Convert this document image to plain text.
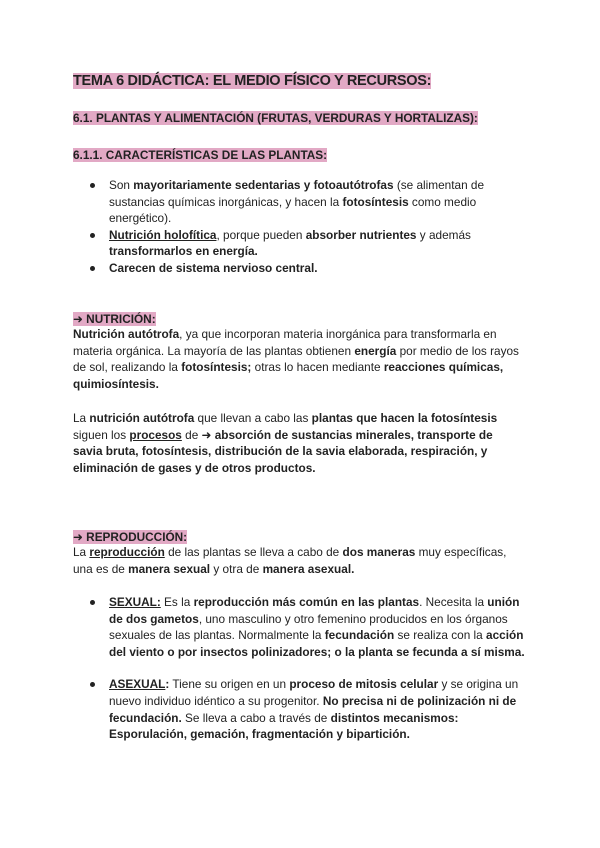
TEMA 6 DIDÁCTICA: EL MEDIO FÍSICO Y RECURSOS:
6.1. PLANTAS Y ALIMENTACIÓN (FRUTAS, VERDURAS Y HORTALIZAS):
6.1.1. CARACTERÍSTICAS DE LAS PLANTAS:
Son mayoritariamente sedentarias y fotoautótrofas (se alimentan de sustancias químicas inorgánicas, y hacen la fotosíntesis como medio energético).
Nutrición holofítica, porque pueden absorber nutrientes y además transformarlos en energía.
Carecen de sistema nervioso central.
➜ NUTRICIÓN:
Nutrición autótrofa, ya que incorporan materia inorgánica para transformarla en materia orgánica. La mayoría de las plantas obtienen energía por medio de los rayos de sol, realizando la fotosíntesis; otras lo hacen mediante reacciones químicas, quimiosíntesis.
La nutrición autótrofa que llevan a cabo las plantas que hacen la fotosíntesis siguen los procesos de ➜ absorción de sustancias minerales, transporte de savia bruta, fotosíntesis, distribución de la savia elaborada, respiración, y eliminación de gases y de otros productos.
➜ REPRODUCCIÓN:
La reproducción de las plantas se lleva a cabo de dos maneras muy específicas, una es de manera sexual y otra de manera asexual.
SEXUAL: Es la reproducción más común en las plantas. Necesita la unión de dos gametos, uno masculino y otro femenino producidos en los órganos sexuales de las plantas. Normalmente la fecundación se realiza con la acción del viento o por insectos polinizadores; o la planta se fecunda a sí misma.
ASEXUAL: Tiene su origen en un proceso de mitosis celular y se origina un nuevo individuo idéntico a su progenitor. No precisa ni de polinización ni de fecundación. Se lleva a cabo a través de distintos mecanismos: Esporulación, gemación, fragmentación y bipartición.
